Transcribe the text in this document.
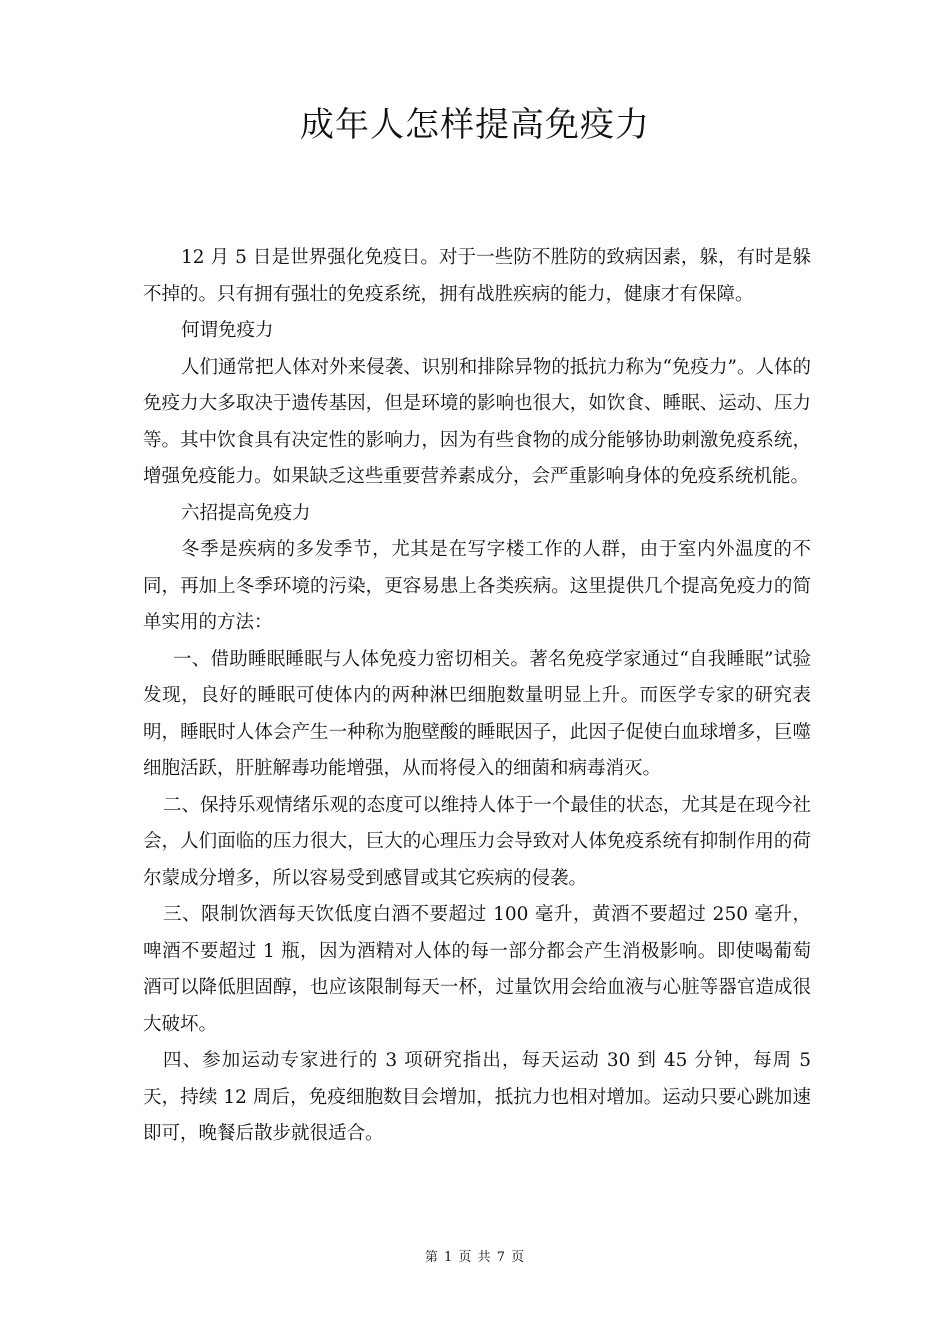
成年人怎样提高免疫力

12 月 5 日是世界强化免疫日。对于一些防不胜防的致病因素，躲，有时是躲不掉的。只有拥有强壮的免疫系统，拥有战胜疾病的能力，健康才有保障。

何谓免疫力

人们通常把人体对外来侵袭、识别和排除异物的抵抗力称为“免疫力”。人体的免疫力大多取决于遗传基因，但是环境的影响也很大，如饮食、睡眠、运动、压力等。其中饮食具有决定性的影响力，因为有些食物的成分能够协助刺激免疫系统，增强免疫能力。如果缺乏这些重要营养素成分，会严重影响身体的免疫系统机能。

六招提高免疫力

冬季是疾病的多发季节，尤其是在写字楼工作的人群，由于室内外温度的不同，再加上冬季环境的污染，更容易患上各类疾病。这里提供几个提高免疫力的简单实用的方法：

一、借助睡眠睡眠与人体免疫力密切相关。著名免疫学家通过“自我睡眠”试验发现，良好的睡眠可使体内的两种淋巴细胞数量明显上升。而医学专家的研究表明，睡眠时人体会产生一种称为胞壁酸的睡眠因子，此因子促使白血球增多，巨噬细胞活跃，肝脏解毒功能增强，从而将侵入的细菌和病毒消灭。

二、保持乐观情绪乐观的态度可以维持人体于一个最佳的状态，尤其是在现今社会，人们面临的压力很大，巨大的心理压力会导致对人体免疫系统有抑制作用的荷尔蒙成分增多，所以容易受到感冒或其它疾病的侵袭。

三、限制饮酒每天饮低度白酒不要超过 100 毫升，黄酒不要超过 250 毫升，啤酒不要超过 1 瓶，因为酒精对人体的每一部分都会产生消极影响。即使喝葡萄酒可以降低胆固醇，也应该限制每天一杯，过量饮用会给血液与心脏等器官造成很大破坏。

四、参加运动专家进行的 3 项研究指出，每天运动 30 到 45 分钟，每周 5 天，持续 12 周后，免疫细胞数目会增加，抵抗力也相对增加。运动只要心跳加速即可，晚餐后散步就很适合。

第 1 页 共 7 页
